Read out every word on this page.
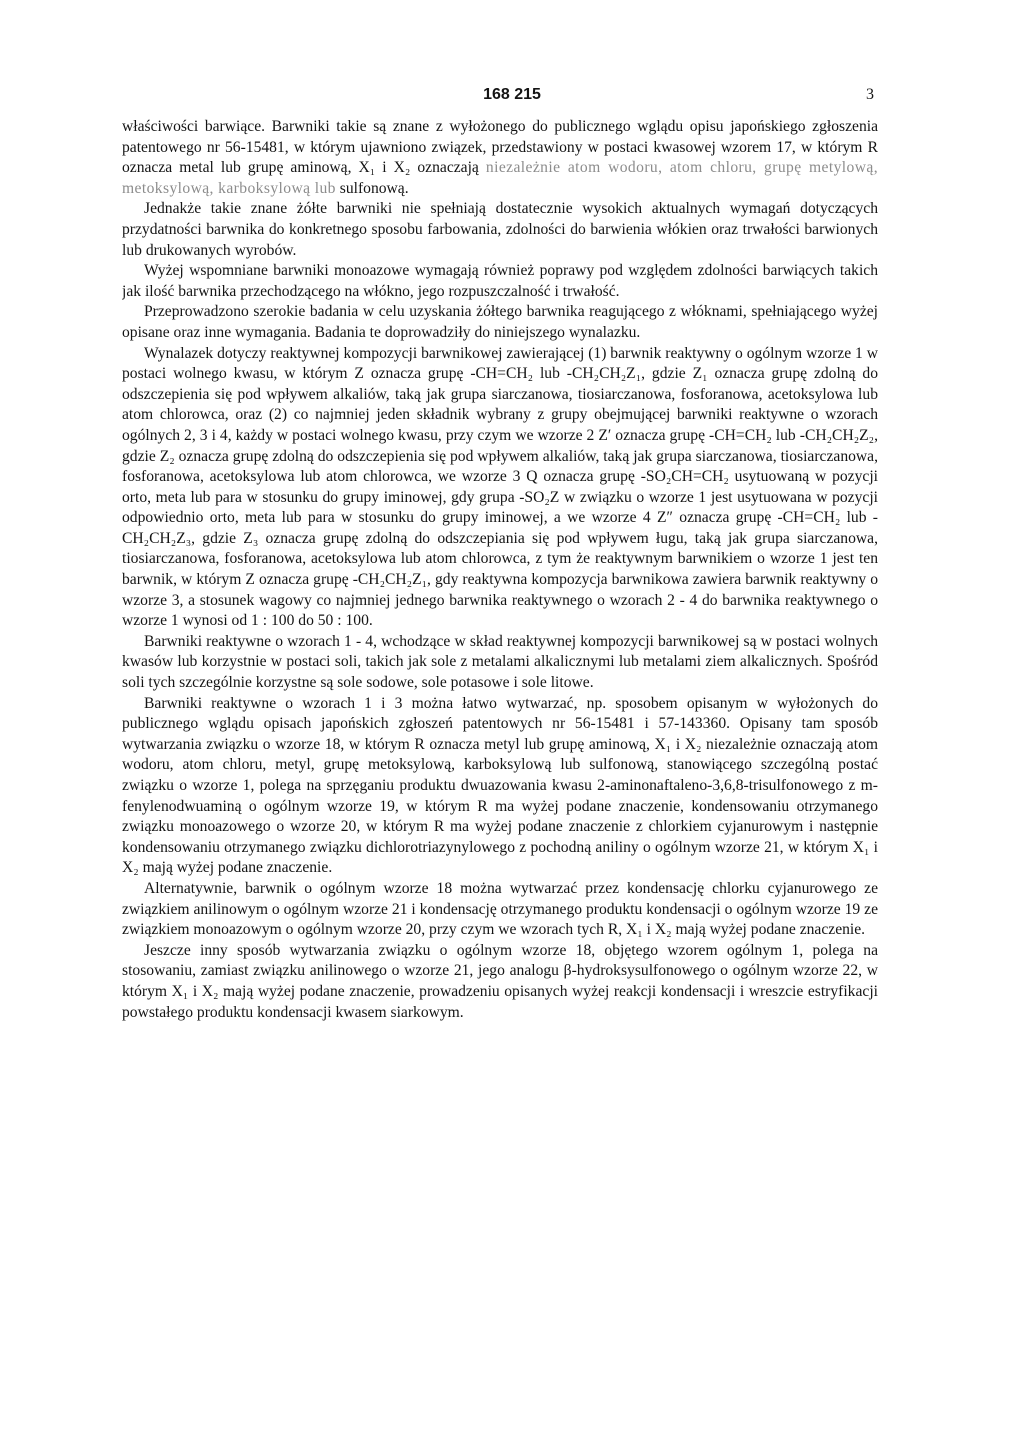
168 215	3

właściwości barwiące. Barwniki takie są znane z wyłożonego do publicznego wglądu opisu japońskiego zgłoszenia patentowego nr 56-15481, w którym ujawniono związek, przedstawiony w postaci kwasowej wzorem 17, w którym R oznacza metal lub grupę aminową, X₁ i X₂ oznaczają niezależnie atom wodoru, atom chloru, grupę metylową, metoksylową, karboksylową lub sulfonową.

Jednakże takie znane żółte barwniki nie spełniają dostatecznie wysokich aktualnych wymagań dotyczących przydatności barwnika do konkretnego sposobu farbowania, zdolności do barwienia włókien oraz trwałości barwionych lub drukowanych wyrobów.

Wyżej wspomniane barwniki monoazowe wymagają również poprawy pod względem zdolności barwiących takich jak ilość barwnika przechodzącego na włókno, jego rozpuszczalność i trwałość.

Przeprowadzono szerokie badania w celu uzyskania żółtego barwnika reagującego z włóknami, spełniającego wyżej opisane oraz inne wymagania. Badania te doprowadziły do niniejszego wynalazku.

Wynalazek dotyczy reaktywnej kompozycji barwnikowej zawierającej (1) barwnik reaktywny o ogólnym wzorze 1 w postaci wolnego kwasu, w którym Z oznacza grupę -CH=CH₂ lub -CH₂CH₂Z₁, gdzie Z₁ oznacza grupę zdolną do odszczepienia się pod wpływem alkaliów, taką jak grupa siarczanowa, tiosiarczanowa, fosforanowa, acetoksylowa lub atom chlorowca, oraz (2) co najmniej jeden składnik wybrany z grupy obejmującej barwniki reaktywne o wzorach ogólnych 2, 3 i 4, każdy w postaci wolnego kwasu, przy czym we wzorze 2 Z′ oznacza grupę -CH=CH₂ lub -CH₂CH₂Z₂, gdzie Z₂ oznacza grupę zdolną do odszczepienia się pod wpływem alkaliów, taką jak grupa siarczanowa, tiosiarczanowa, fosforanowa, acetoksylowa lub atom chlorowca, we wzorze 3 Q oznacza grupę -SO₂CH=CH₂ usytuowaną w pozycji orto, meta lub para w stosunku do grupy iminowej, gdy grupa -SO₂Z w związku o wzorze 1 jest usytuowana w pozycji odpowiednio orto, meta lub para w stosunku do grupy iminowej, a we wzorze 4 Z″ oznacza grupę -CH=CH₂ lub -CH₂CH₂Z₃, gdzie Z₃ oznacza grupę zdolną do odszczepiania się pod wpływem ługu, taką jak grupa siarczanowa, tiosiarczanowa, fosforanowa, acetoksylowa lub atom chlorowca, z tym że reaktywnym barwnikiem o wzorze 1 jest ten barwnik, w którym Z oznacza grupę -CH₂CH₂Z₁, gdy reaktywna kompozycja barwnikowa zawiera barwnik reaktywny o wzorze 3, a stosunek wagowy co najmniej jednego barwnika reaktywnego o wzorach 2 - 4 do barwnika reaktywnego o wzorze 1 wynosi od 1 : 100 do 50 : 100.

Barwniki reaktywne o wzorach 1 - 4, wchodzące w skład reaktywnej kompozycji barwnikowej są w postaci wolnych kwasów lub korzystnie w postaci soli, takich jak sole z metalami alkalicznymi lub metalami ziem alkalicznych. Spośród soli tych szczególnie korzystne są sole sodowe, sole potasowe i sole litowe.

Barwniki reaktywne o wzorach 1 i 3 można łatwo wytwarzać, np. sposobem opisanym w wyłożonych do publicznego wglądu opisach japońskich zgłoszeń patentowych nr 56-15481 i 57-143360. Opisany tam sposób wytwarzania związku o wzorze 18, w którym R oznacza metyl lub grupę aminową, X₁ i X₂ niezależnie oznaczają atom wodoru, atom chloru, metyl, grupę metoksylową, karboksylową lub sulfonową, stanowiącego szczególną postać związku o wzorze 1, polega na sprzęganiu produktu dwuazowania kwasu 2-aminonaftaleno-3,6,8-trisulfonowego z m-fenylenodwuaminą o ogólnym wzorze 19, w którym R ma wyżej podane znaczenie, kondensowaniu otrzymanego związku monoazowego o wzorze 20, w którym R ma wyżej podane znaczenie z chlorkiem cyjanurowym i następnie kondensowaniu otrzymanego związku dichlorotriazynylowego z pochodną aniliny o ogólnym wzorze 21, w którym X₁ i X₂ mają wyżej podane znaczenie.

Alternatywnie, barwnik o ogólnym wzorze 18 można wytwarzać przez kondensację chlorku cyjanurowego ze związkiem anilinowym o ogólnym wzorze 21 i kondensację otrzymanego produktu kondensacji o ogólnym wzorze 19 ze związkiem monoazowym o ogólnym wzorze 20, przy czym we wzorach tych R, X₁ i X₂ mają wyżej podane znaczenie.

Jeszcze inny sposób wytwarzania związku o ogólnym wzorze 18, objętego wzorem ogólnym 1, polega na stosowaniu, zamiast związku anilinowego o wzorze 21, jego analogu β-hydroksysulfonowego o ogólnym wzorze 22, w którym X₁ i X₂ mają wyżej podane znaczenie, prowadzeniu opisanych wyżej reakcji kondensacji i wreszcie estryfikacji powstałego produktu kondensacji kwasem siarkowym.
